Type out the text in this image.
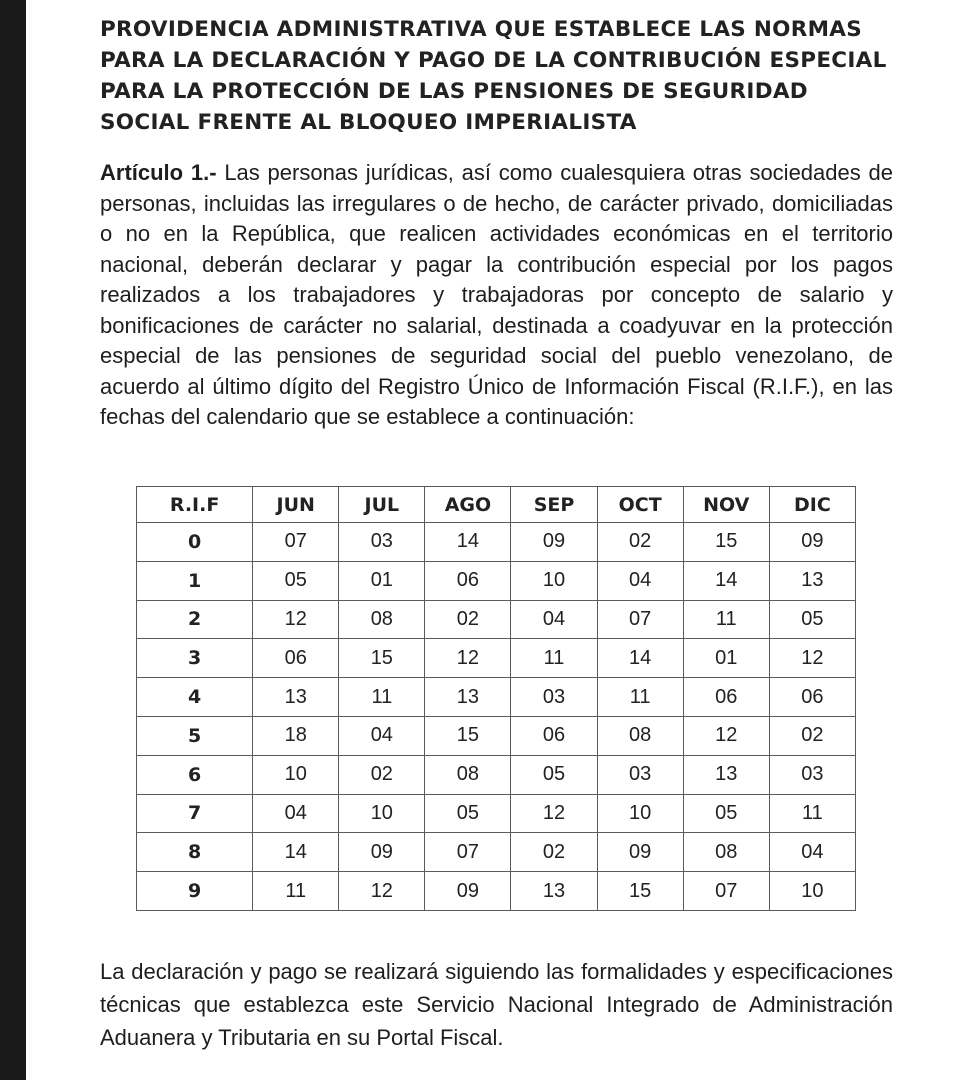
PROVIDENCIA ADMINISTRATIVA QUE ESTABLECE LAS NORMAS PARA LA DECLARACIÓN Y PAGO DE LA CONTRIBUCIÓN ESPECIAL PARA LA PROTECCIÓN DE LAS PENSIONES DE SEGURIDAD SOCIAL FRENTE AL BLOQUEO IMPERIALISTA

Artículo 1.- Las personas jurídicas, así como cualesquiera otras sociedades de personas, incluidas las irregulares o de hecho, de carácter privado, domiciliadas o no en la República, que realicen actividades económicas en el territorio nacional, deberán declarar y pagar la contribución especial por los pagos realizados a los trabajadores y trabajadoras por concepto de salario y bonificaciones de carácter no salarial, destinada a coadyuvar en la protección especial de las pensiones de seguridad social del pueblo venezolano, de acuerdo al último dígito del Registro Único de Información Fiscal (R.I.F.), en las fechas del calendario que se establece a continuación:

R.I.F	JUN	JUL	AGO	SEP	OCT	NOV	DIC
0	07	03	14	09	02	15	09
1	05	01	06	10	04	14	13
2	12	08	02	04	07	11	05
3	06	15	12	11	14	01	12
4	13	11	13	03	11	06	06
5	18	04	15	06	08	12	02
6	10	02	08	05	03	13	03
7	04	10	05	12	10	05	11
8	14	09	07	02	09	08	04
9	11	12	09	13	15	07	10

La declaración y pago se realizará siguiendo las formalidades y especificaciones técnicas que establezca este Servicio Nacional Integrado de Administración Aduanera y Tributaria en su Portal Fiscal.
